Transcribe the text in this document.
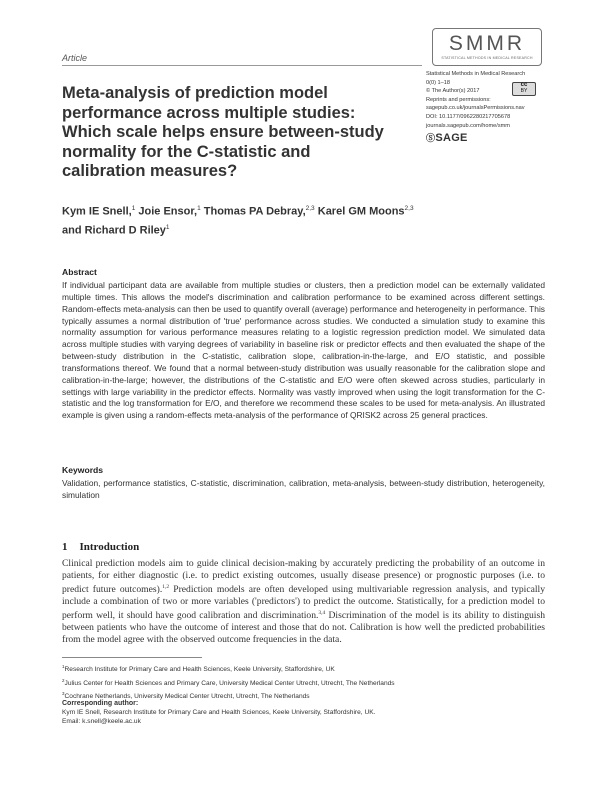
Article
SMMR
STATISTICAL METHODS IN MEDICAL RESEARCH
Statistical Methods in Medical Research
0(0) 1–18
© The Author(s) 2017
Reprints and permissions:
sagepub.co.uk/journalsPermissions.nav
DOI: 10.1177/0962280217705678
journals.sagepub.com/home/smm
cc
BY
ⓈSAGE
Meta-analysis of prediction model
performance across multiple studies:
Which scale helps ensure between-study
normality for the C-statistic and
calibration measures?
Kym IE Snell,$^1$ Joie Ensor,$^1$ Thomas PA Debray,$^{2,3}$ Karel GM Moons$^{2,3}$
and Richard D Riley$^1$
Abstract
If individual participant data are available from multiple studies or clusters, then a prediction model can be externally validated multiple times. This allows the model's discrimination and calibration performance to be examined across different settings. Random-effects meta-analysis can then be used to quantify overall (average) performance and heterogeneity in performance. This typically assumes a normal distribution of 'true' performance across studies. We conducted a simulation study to examine this normality assumption for various performance measures relating to a logistic regression prediction model. We simulated data across multiple studies with varying degrees of variability in baseline risk or predictor effects and then evaluated the shape of the between-study distribution in the C-statistic, calibration slope, calibration-in-the-large, and E/O statistic, and possible transformations thereof. We found that a normal between-study distribution was usually reasonable for the calibration slope and calibration-in-the-large; however, the distributions of the C-statistic and E/O were often skewed across studies, particularly in settings with large variability in the predictor effects. Normality was vastly improved when using the logit transformation for the C-statistic and the log transformation for E/O, and therefore we recommend these scales to be used for meta-analysis. An illustrated example is given using a random-effects meta-analysis of the performance of QRISK2 across 25 general practices.
Keywords
Validation, performance statistics, C-statistic, discrimination, calibration, meta-analysis, between-study distribution, heterogeneity, simulation
1 Introduction
Clinical prediction models aim to guide clinical decision-making by accurately predicting the probability of an outcome in patients, for either diagnostic (i.e. to predict existing outcomes, usually disease presence) or prognostic purposes (i.e. to predict future outcomes).$^{1,2}$ Prediction models are often developed using multivariable regression analysis, and typically include a combination of two or more variables ('predictors') to predict the outcome. Statistically, for a prediction model to perform well, it should have good calibration and discrimination.$^{3,4}$ Discrimination of the model is its ability to distinguish between patients who have the outcome of interest and those that do not. Calibration is how well the predicted probabilities from the model agree with the observed outcome frequencies in the data.
$^1$Research Institute for Primary Care and Health Sciences, Keele University, Staffordshire, UK
$^2$Julius Center for Health Sciences and Primary Care, University Medical Center Utrecht, Utrecht, The Netherlands
$^3$Cochrane Netherlands, University Medical Center Utrecht, Utrecht, The Netherlands
Corresponding author:
Kym IE Snell, Research Institute for Primary Care and Health Sciences, Keele University, Staffordshire, UK.
Email: k.snell@keele.ac.uk
